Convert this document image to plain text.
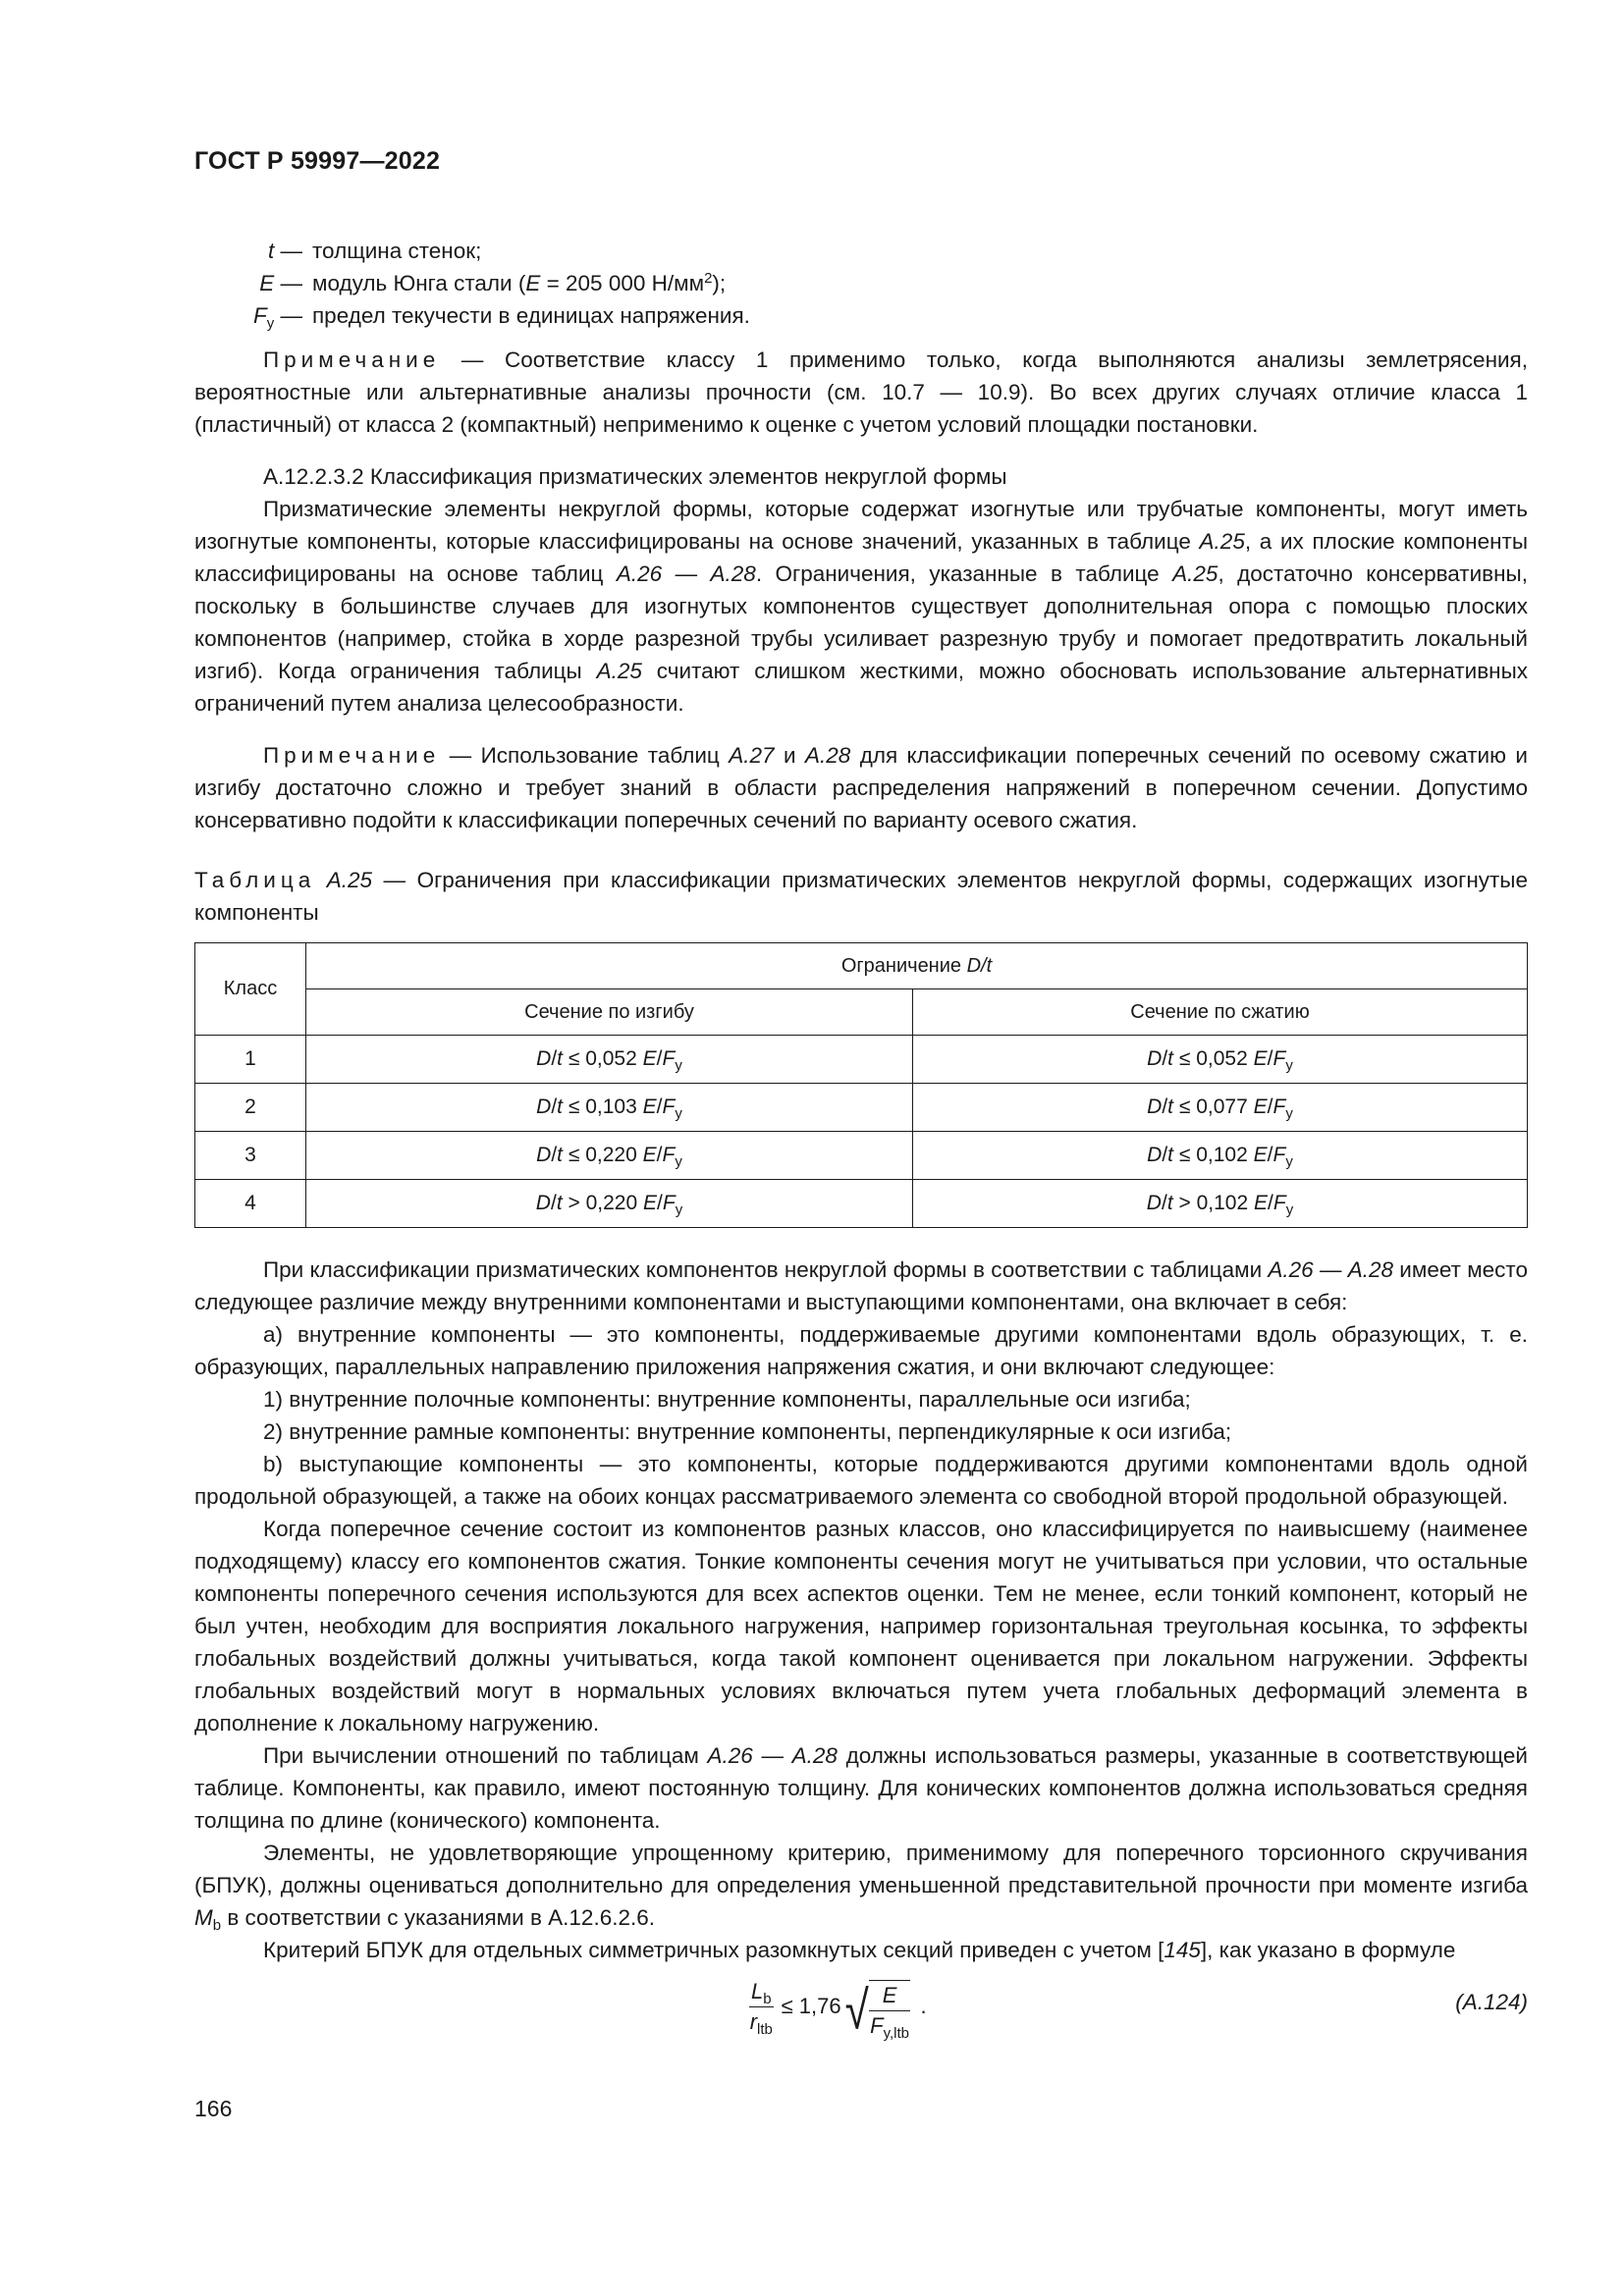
ГОСТ Р 59997—2022
t — толщина стенок;
E — модуль Юнга стали (E = 205 000 $Н/мм^2$);
$F_y$ — предел текучести в единицах напряжения.

Примечание — Соответствие классу 1 применимо только, когда выполняются анализы землетрясения, вероятностные или альтернативные анализы прочности (см. 10.7 — 10.9). Во всех других случаях отличие класса 1 (пластичный) от класса 2 (компактный) неприменимо к оценке с учетом условий площадки постановки.

А.12.2.3.2 Классификация призматических элементов некруглой формы

Призматические элементы некруглой формы, которые содержат изогнутые или трубчатые компоненты, могут иметь изогнутые компоненты, которые классифицированы на основе значений, указанных в таблице А.25, а их плоские компоненты классифицированы на основе таблиц А.26 — А.28. Ограничения, указанные в таблице А.25, достаточно консервативны, поскольку в большинстве случаев для изогнутых компонентов существует дополнительная опора с помощью плоских компонентов (например, стойка в хорде разрезной трубы усиливает разрезную трубу и помогает предотвратить локальный изгиб). Когда ограничения таблицы А.25 считают слишком жесткими, можно обосновать использование альтернативных ограничений путем анализа целесообразности.

Примечание — Использование таблиц А.27 и А.28 для классификации поперечных сечений по осевому сжатию и изгибу достаточно сложно и требует знаний в области распределения напряжений в поперечном сечении. Допустимо консервативно подойти к классификации поперечных сечений по варианту осевого сжатия.

Таблица А.25 — Ограничения при классификации призматических элементов некруглой формы, содержащих изогнутые компоненты

Класс	Ограничение D/t	
	Сечение по изгибу	Сечение по сжатию
1	D/t ≤ 0,052 $E/F_y$	D/t ≤ 0,052 $E/F_y$
2	D/t ≤ 0,103 $E/F_y$	D/t ≤ 0,077 $E/F_y$
3	D/t ≤ 0,220 $E/F_y$	D/t ≤ 0,102 $E/F_y$
4	D/t > 0,220 $E/F_y$	D/t > 0,102 $E/F_y$

При классификации призматических компонентов некруглой формы в соответствии с таблицами А.26 — А.28 имеет место следующее различие между внутренними компонентами и выступающими компонентами, она включает в себя:

а) внутренние компоненты — это компоненты, поддерживаемые другими компонентами вдоль образующих, т. е. образующих, параллельных направлению приложения напряжения сжатия, и они включают следующее:

1) внутренние полочные компоненты: внутренние компоненты, параллельные оси изгиба;

2) внутренние рамные компоненты: внутренние компоненты, перпендикулярные к оси изгиба;

b) выступающие компоненты — это компоненты, которые поддерживаются другими компонентами вдоль одной продольной образующей, а также на обоих концах рассматриваемого элемента со свободной второй продольной образующей.

Когда поперечное сечение состоит из компонентов разных классов, оно классифицируется по наивысшему (наименее подходящему) классу его компонентов сжатия. Тонкие компоненты сечения могут не учитываться при условии, что остальные компоненты поперечного сечения используются для всех аспектов оценки. Тем не менее, если тонкий компонент, который не был учтен, необходим для восприятия локального нагружения, например горизонтальная треугольная косынка, то эффекты глобальных воздействий должны учитываться, когда такой компонент оценивается при локальном нагружении. Эффекты глобальных воздействий могут в нормальных условиях включаться путем учета глобальных деформаций элемента в дополнение к локальному нагружению.

При вычислении отношений по таблицам А.26 — А.28 должны использоваться размеры, указанные в соответствующей таблице. Компоненты, как правило, имеют постоянную толщину. Для конических компонентов должна использоваться средняя толщина по длине (конического) компонента.

Элементы, не удовлетворяющие упрощенному критерию, применимому для поперечного торсионного скручивания (БПУК), должны оцениваться дополнительно для определения уменьшенной представительной прочности при моменте изгиба $M_b$ в соответствии с указаниями в А.12.6.2.6.

Критерий БПУК для отдельных симметричных разомкнутых секций приведен с учетом [145], как указано в формуле

$\frac{L_b}{r_{ltb}} \le 1,76$ √ $\frac{E}{F_{y,ltb}}$ .	(А.124)
166
